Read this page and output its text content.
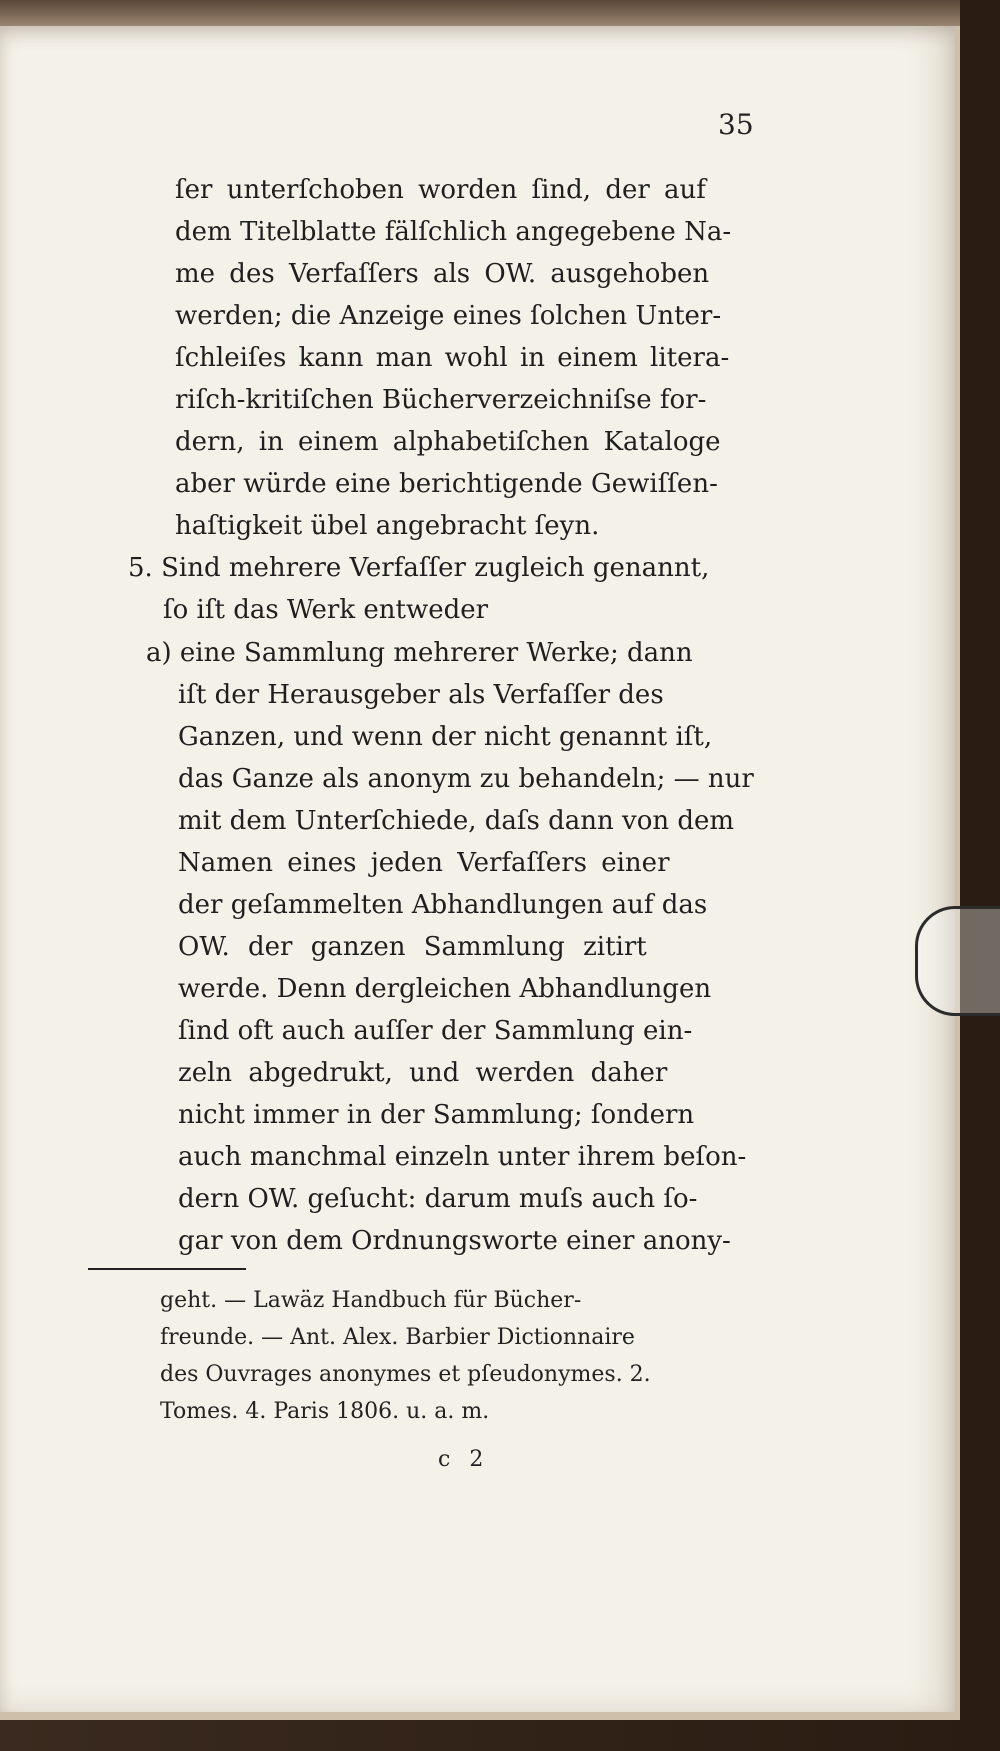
35
ſer unterſchoben worden ſind, der auf
dem Titelblatte fälſchlich angegebene Na-
me des Verfaſſers als OW. ausgehoben
werden; die Anzeige eines ſolchen Unter-
ſchleiſes kann man wohl in einem litera-
riſch-kritiſchen Bücherverzeichniſse for-
dern, in einem alphabetiſchen Kataloge
aber würde eine berichtigende Gewiſſen-
haſtigkeit übel angebracht ſeyn.
5. Sind mehrere Verfaſſer zugleich genannt,
ſo iſt das Werk entweder
a) eine Sammlung mehrerer Werke; dann
iſt der Herausgeber als Verfaſſer des
Ganzen, und wenn der nicht genannt iſt,
das Ganze als anonym zu behandeln; — nur
mit dem Unterſchiede, daſs dann von dem
Namen eines jeden Verfaſſers einer
der geſammelten Abhandlungen auf das
OW. der ganzen Sammlung zitirt
werde. Denn dergleichen Abhandlungen
ſind oft auch auſſer der Sammlung ein-
zeln abgedrukt, und werden daher
nicht immer in der Sammlung; ſondern
auch manchmal einzeln unter ihrem beſon-
dern OW. geſucht: darum muſs auch ſo-
gar von dem Ordnungsworte einer anony-
geht. — Lawäz Handbuch für Bücher-
freunde. — Ant. Alex. Barbier Dictionnaire
des Ouvrages anonymes et pſeudonymes. 2.
Tomes. 4. Paris 1806. u. a. m.
c 2
